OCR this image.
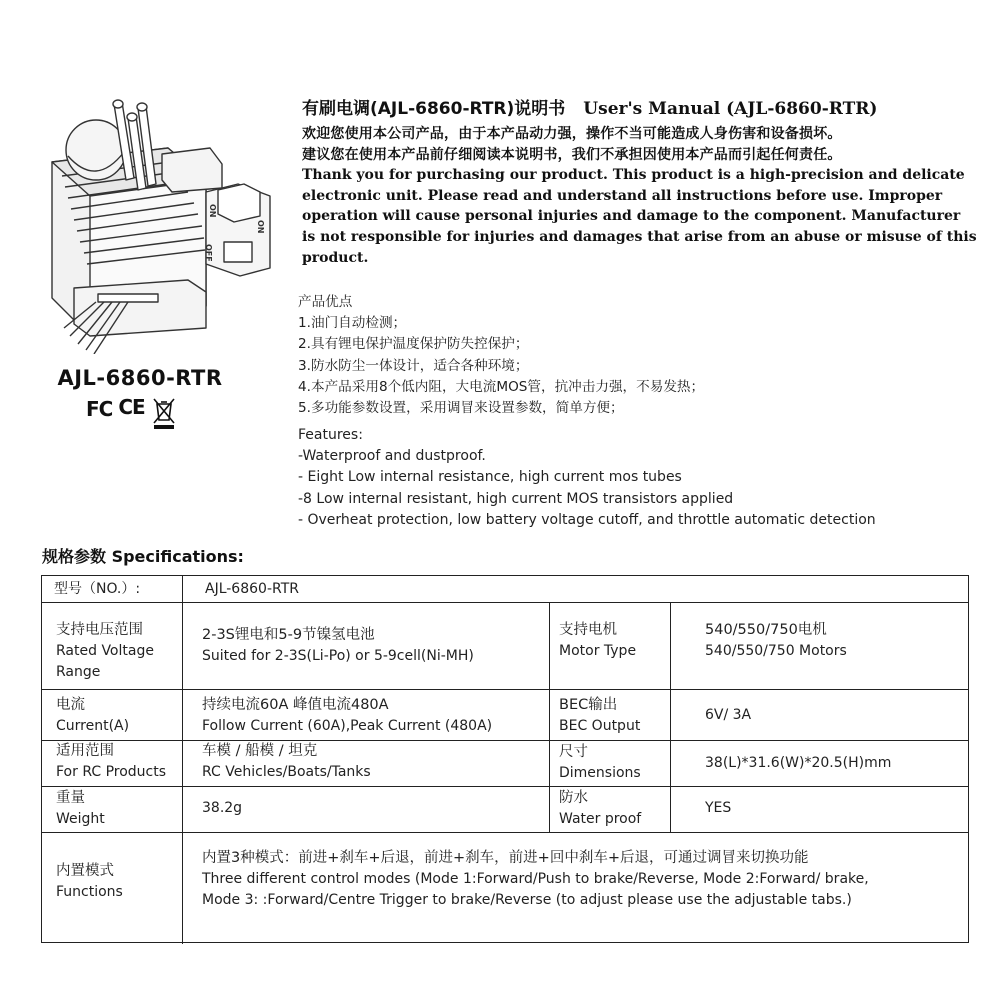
ON
OFF
ON
AJL-6860-RTR
FC CE
有刷电调(AJL-6860-RTR)说明书 User's Manual (AJL-6860-RTR)

欢迎您使用本公司产品，由于本产品动力强，操作不当可能造成人身伤害和设备损坏。

建议您在使用本产品前仔细阅读本说明书，我们不承担因使用本产品而引起任何责任。

Thank you for purchasing our product. This product is a high-precision and delicate

electronic unit. Please read and understand all instructions before use. Improper

operation will cause personal injuries and damage to the component. Manufacturer

is not responsible for injuries and damages that arise from an abuse or misuse of this

product.

产品优点

1.油门自动检测；

2.具有锂电保护温度保护防失控保护；

3.防水防尘一体设计，适合各种环境；

4.本产品采用8个低内阻，大电流MOS管，抗冲击力强，不易发热；

5.多功能参数设置，采用调冒来设置参数，简单方便；

Features:

-Waterproof and dustproof.

- Eight Low internal resistance, high current mos tubes

-8 Low internal resistant, high current MOS transistors applied

- Overheat protection, low battery voltage cutoff, and throttle automatic detection

规格参数 Specifications:
型号（NO.）:	AJL-6860-RTR
支持电压范围
Rated Voltage
Range
2-3S锂电和5-9节镍氢电池
Suited for 2-3S(Li-Po) or 5-9cell(Ni-MH)
支持电机
Motor Type
540/550/750电机
540/550/750 Motors
电流
Current(A)
持续电流60A 峰值电流480A
Follow Current (60A),Peak Current (480A)
BEC输出
BEC Output
6V/ 3A
适用范围
For RC Products
车模 / 船模 / 坦克
RC Vehicles/Boats/Tanks
尺寸
Dimensions
38(L)*31.6(W)*20.5(H)mm
重量
Weight
38.2g
防水
Water proof
YES
内置模式
Functions
内置3种模式：前进+刹车+后退，前进+刹车，前进+回中刹车+后退，可通过调冒来切换功能
Three different control modes (Mode 1:Forward/Push to brake/Reverse, Mode 2:Forward/ brake,
Mode 3: :Forward/Centre Trigger to brake/Reverse (to adjust please use the adjustable tabs.)
